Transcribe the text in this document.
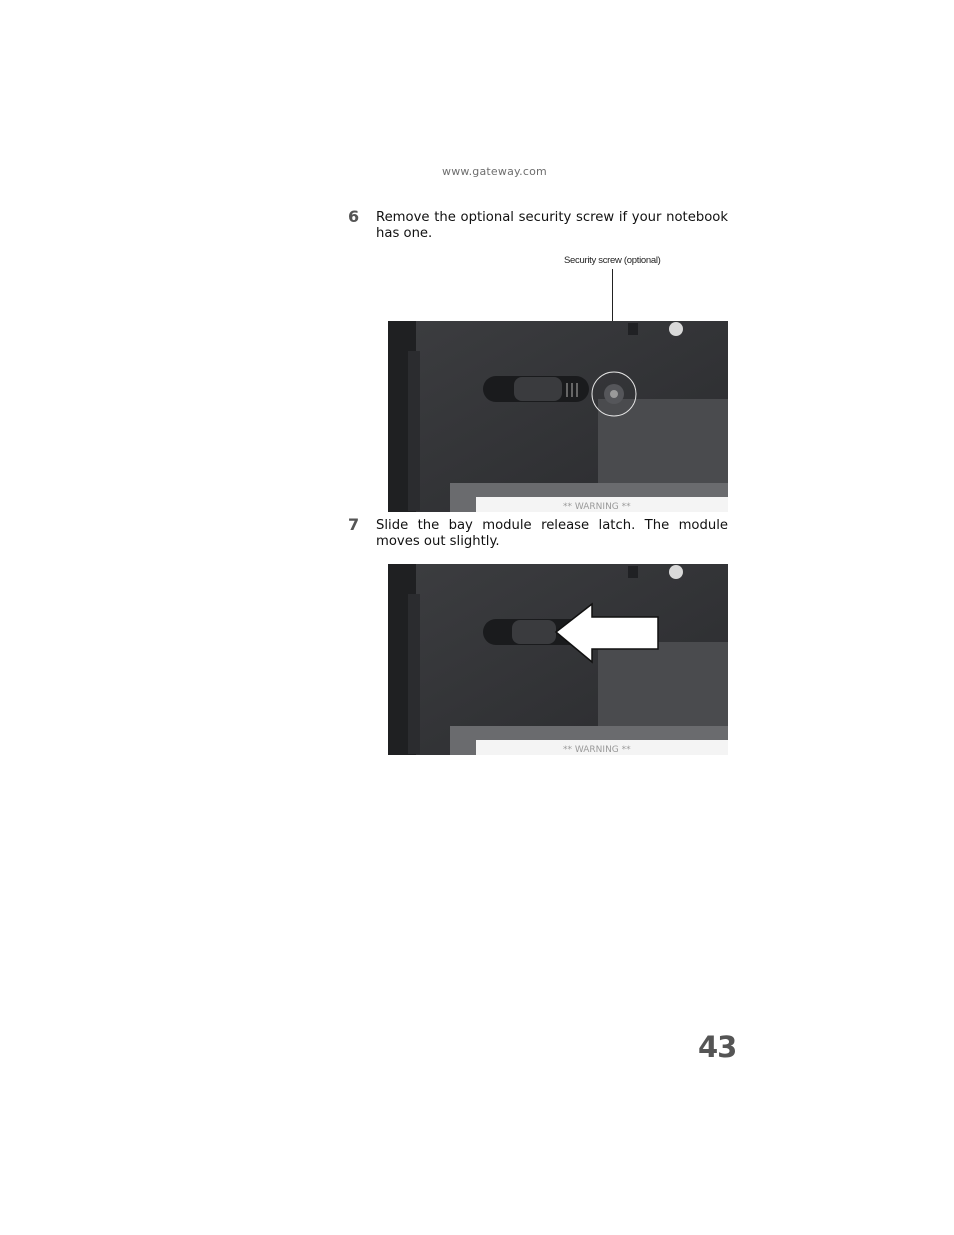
www.gateway.com
6 Remove the optional security screw if your notebook has one.
Security screw (optional)
** WARNING **
7 Slide the bay module release latch. The module moves out slightly.
** WARNING **
43
